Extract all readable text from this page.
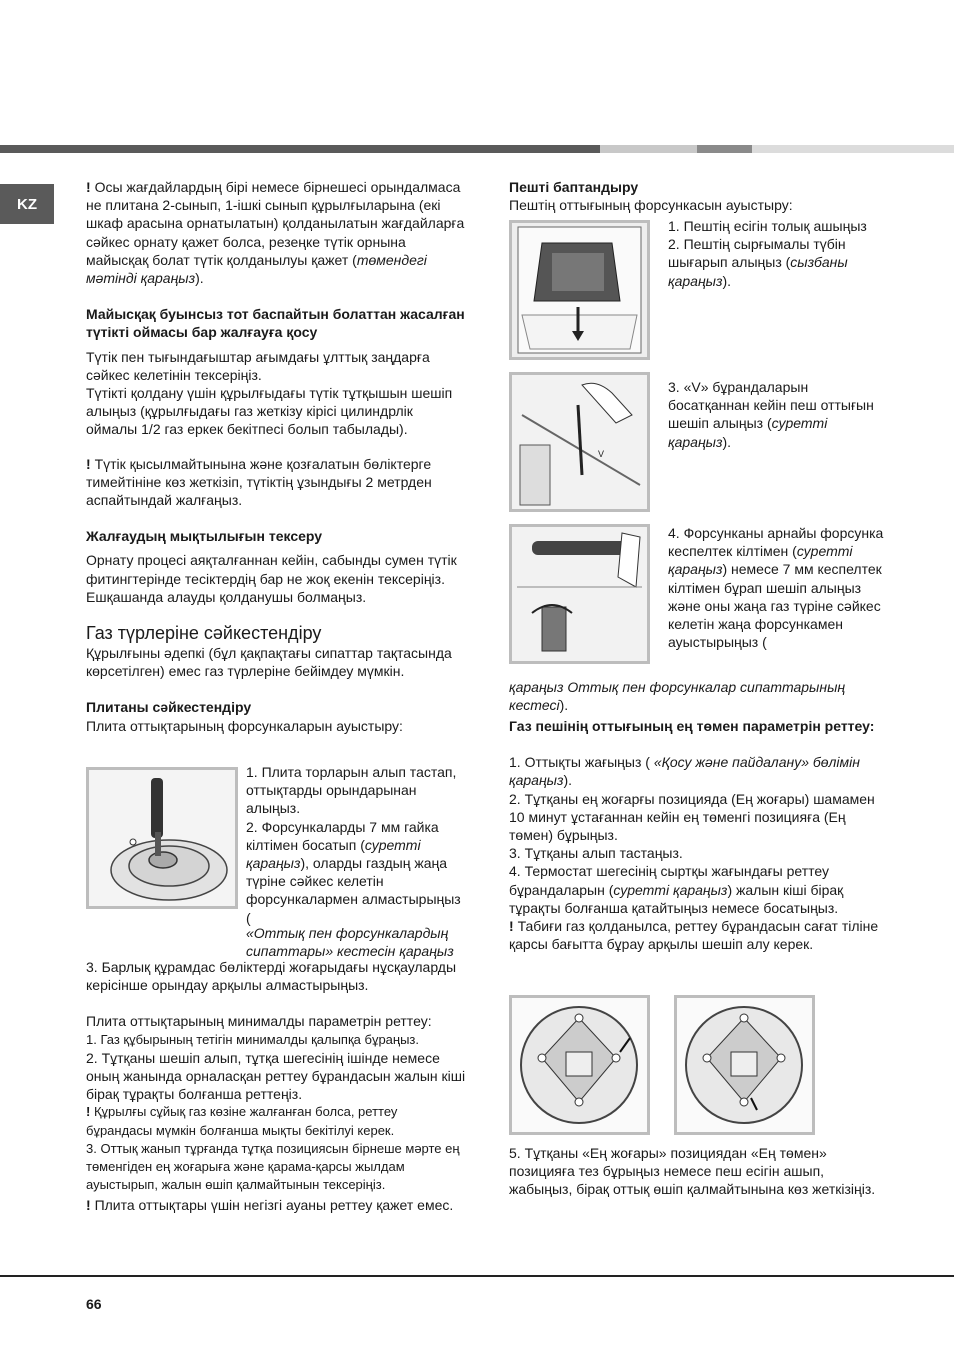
KZ

! Осы жағдайлардың бірі немесе бірнешесі орындалмаса не плитана 2-сынып, 1-ішкі сынып құрылғыларына (екі шкаф арасына орнатылатын) қолданылатын жағдайларға сәйкес орнату қажет болса, резеңке түтік орнына майысқақ болат түтік қолданылуы қажет (төмендегі мәтінді қараңыз).

Майысқақ буынсыз тот баспайтын болаттан жасалған түтікті оймасы бар жалғауға қосу

Түтік пен тығындағыштар ағымдағы ұлттық заңдарға сәйкес келетінін тексеріңіз.

Түтікті қолдану үшін құрылғыдағы түтік тұтқышын шешіп алыңыз (құрылғыдағы газ жеткізу кірісі цилиндрлік оймалы 1/2 газ еркек бекітпесі болып табылады).

! Түтік қысылмайтынына және қозғалатын бөліктерге тимейтініне көз жеткізіп, түтіктің ұзындығы 2 метрден аспайтындай жалғаңыз.

Жалғаудың мықтылығын тексеру

Орнату процесі аяқталғаннан кейін, сабынды сумен түтік фитингтерінде тесіктердің бар не жоқ екенін тексеріңіз. Ешқашанда алауды қолданушы болмаңыз.

Газ түрлеріне сәйкестендіру

Құрылғыны әдепкі (бұл қақпақтағы сипаттар тақтасында көрсетілген) емес газ түрлеріне бейімдеу мүмкін.

Плитаны сәйкестендіру

Плита оттықтарының форсункаларын ауыстыру:

1. Плита торларын алып тастап, оттықтарды орындарынан алыңыз.

2. Форсункаларды 7 мм гайка кілтімен босатып (суретті қараңыз), оларды газдың жаңа түріне сәйкес келетін форсункалармен алмастырыңыз (

«Оттық пен форсункалардың сипаттары» кестесін қараңыз

3. Барлық құрамдас бөліктерді жоғарыдағы нұсқауларды керісінше орындау арқылы алмастырыңыз.

Плита оттықтарының минималды параметрін реттеу:

1. Газ құбырының тетігін минималды қалыпқа бұраңыз.

2. Тұтқаны шешіп алып, тұтқа шегесінің ішінде немесе оның жанында орналасқан реттеу бұрандасын жалын кіші бірақ тұрақты болғанша реттеңіз.

! Құрылғы сұйық газ көзіне жалғанған болса, реттеу бұрандасы мүмкін болғанша мықты бекітілуі керек.

3. Оттық жанып тұрғанда тұтқа позициясын бірнеше мәрте ең төменгіден ең жоғарыға және қарама-қарсы жылдам ауыстырып, жалын өшіп қалмайтынын тексеріңіз.

! Плита оттықтары үшін негізгі ауаны реттеу қажет емес.

Пешті баптандыру

Пештің оттығының форсункасын ауыстыру:

1. Пештің есігін толық ашыңыз

2. Пештің сырғымалы түбін шығарып алыңыз (сызбаны қараңыз).

V

3. «V» бұрандаларын босатқаннан кейін пеш оттығын шешіп алыңыз (суретті қараңыз).

4. Форсунканы арнайы форсунка кеспелтек кілтімен (суретті қараңыз) немесе 7 мм кеспелтек кілтімен бұрап шешіп алыңыз және оны жаңа газ түріне сәйкес келетін жаңа форсункамен ауыстырыңыз (

қараңыз Оттық пен форсункалар сипаттарының кестесі).

Газ пешінің оттығының ең төмен параметрін реттеу:

1. Оттықты жағыңыз ( «Қосу және пайдалану» бөлімін қараңыз).

2. Тұтқаны ең жоғарғы позицияда (Ең жоғары) шамамен 10 минут ұстағаннан кейін ең төменгі позицияға (Ең төмен) бұрыңыз.

3. Тұтқаны алып тастаңыз.

4. Термостат шегесінің сыртқы жағындағы реттеу бұрандаларын (суретті қараңыз) жалын кіші бірақ тұрақты болғанша қатайтыңыз немесе босатыңыз.

! Табиғи газ қолданылса, реттеу бұрандасын сағат тіліне қарсы бағытта бұрау арқылы шешіп алу керек.

5. Тұтқаны «Ең жоғары» позициядан «Ең төмен» позицияға тез бұрыңыз немесе пеш есігін ашып, жабыңыз, бірақ оттық өшіп қалмайтынына көз жеткізіңіз.

66
